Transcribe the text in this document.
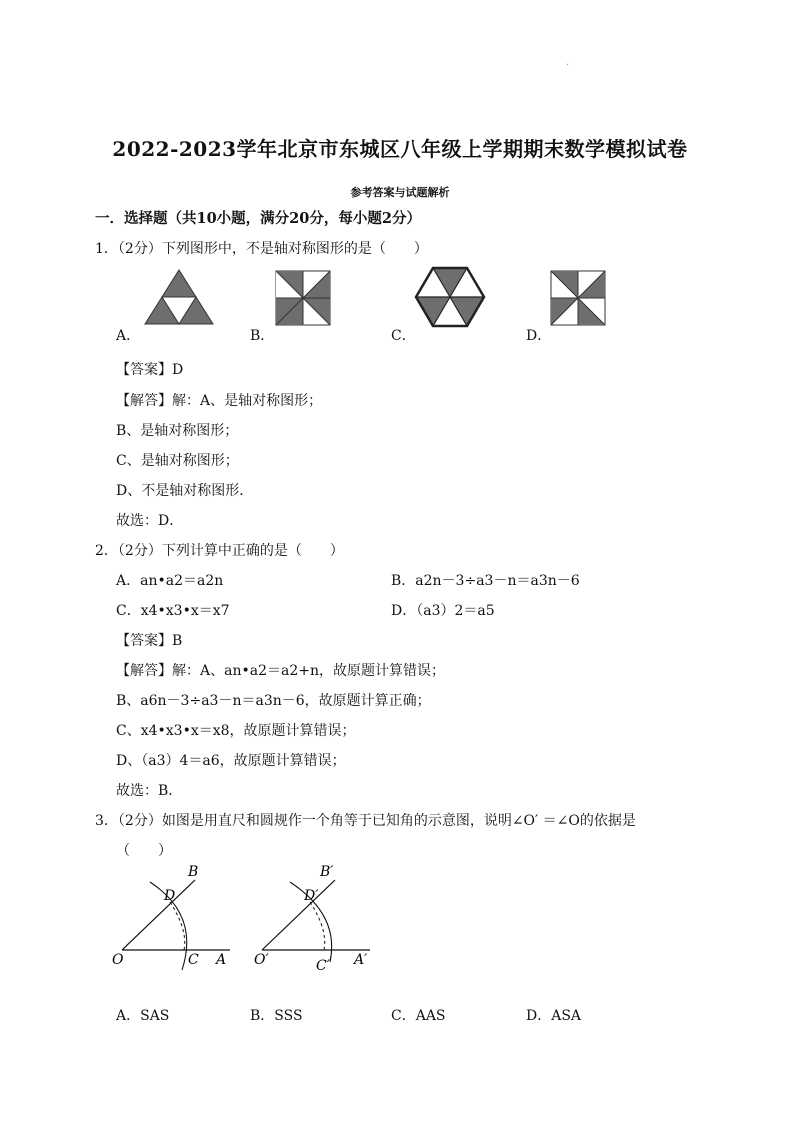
·
2022-2023学年北京市东城区八年级上学期期末数学模拟试卷
参考答案与试题解析
一．选择题（共10小题，满分20分，每小题2分）
1．（2分）下列图形中，不是轴对称图形的是（　　）
A．	B．	C．	D．
【答案】D
【解答】解：A、是轴对称图形；
B、是轴对称图形；
C、是轴对称图形；
D、不是轴对称图形．
故选：D．
2．（2分）下列计算中正确的是（　　）
A．an•a2＝a2n	B．a2n－3÷a3－n＝a3n－6
C．x4•x3•x＝x7	D．（a3）2＝a5
【答案】B
【解答】解：A、an•a2＝a2+n，故原题计算错误；
B、a6n－3÷a3－n＝a3n－6，故原题计算正确；
C、x4•x3•x＝x8，故原题计算错误；
D、（a3）4＝a6，故原题计算错误；
故选：B．
3．（2分）如图是用直尺和圆规作一个角等于已知角的示意图，说明∠O′ ＝∠O的依据是
（　　）
B
D
O	C A
B′
D′
O′	C′ A′
A．SAS	B．SSS	C．AAS	D．ASA
